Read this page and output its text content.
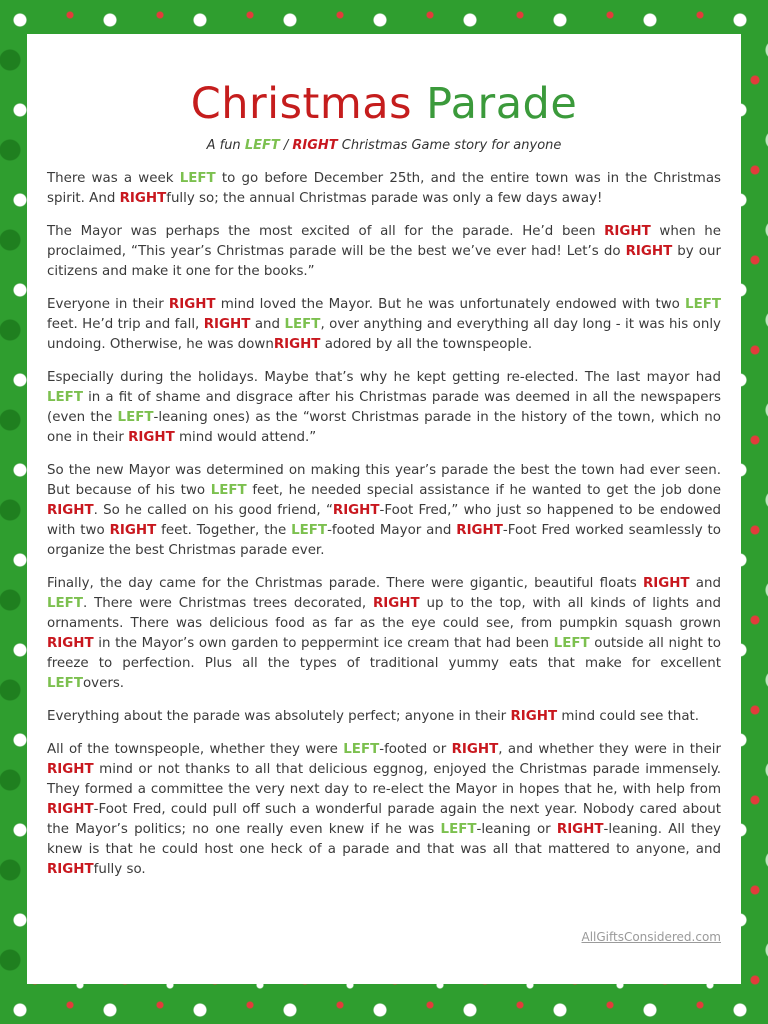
Christmas Parade
A fun LEFT / RIGHT Christmas Game story for anyone

There was a week LEFT to go before December 25th, and the entire town was in the Christmas spirit. And RIGHTfully so; the annual Christmas parade was only a few days away!

The Mayor was perhaps the most excited of all for the parade. He’d been RIGHT when he proclaimed, “This year’s Christmas parade will be the best we’ve ever had! Let’s do RIGHT by our citizens and make it one for the books.”

Everyone in their RIGHT mind loved the Mayor. But he was unfortunately endowed with two LEFT feet. He’d trip and fall, RIGHT and LEFT, over anything and everything all day long - it was his only undoing. Otherwise, he was downRIGHT adored by all the townspeople.

Especially during the holidays. Maybe that’s why he kept getting re-elected. The last mayor had LEFT in a fit of shame and disgrace after his Christmas parade was deemed in all the newspapers (even the LEFT-leaning ones) as the “worst Christmas parade in the history of the town, which no one in their RIGHT mind would attend.”

So the new Mayor was determined on making this year’s parade the best the town had ever seen. But because of his two LEFT feet, he needed special assistance if he wanted to get the job done RIGHT. So he called on his good friend, “RIGHT-Foot Fred,” who just so happened to be endowed with two RIGHT feet. Together, the LEFT-footed Mayor and RIGHT-Foot Fred worked seamlessly to organize the best Christmas parade ever.

Finally, the day came for the Christmas parade. There were gigantic, beautiful floats RIGHT and LEFT. There were Christmas trees decorated, RIGHT up to the top, with all kinds of lights and ornaments. There was delicious food as far as the eye could see, from pumpkin squash grown RIGHT in the Mayor’s own garden to peppermint ice cream that had been LEFT outside all night to freeze to perfection. Plus all the types of traditional yummy eats that make for excellent LEFTovers.

Everything about the parade was absolutely perfect; anyone in their RIGHT mind could see that.

All of the townspeople, whether they were LEFT-footed or RIGHT, and whether they were in their RIGHT mind or not thanks to all that delicious eggnog, enjoyed the Christmas parade immensely. They formed a committee the very next day to re-elect the Mayor in hopes that he, with help from RIGHT-Foot Fred, could pull off such a wonderful parade again the next year. Nobody cared about the Mayor’s politics; no one really even knew if he was LEFT-leaning or RIGHT-leaning. All they knew is that he could host one heck of a parade and that was all that mattered to anyone, and RIGHTfully so.

AllGiftsConsidered.com
